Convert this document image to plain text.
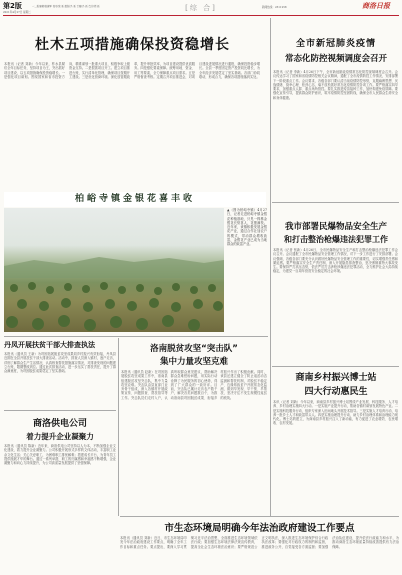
第2版
2021年4月27日 星期二
一二版编辑/张建军 校对/张 新 组版/冯 新 美编/冯 新 责任/郭 新	[综 合]	新闻热线：2311258	商洛日报
杜木五项措施确保投资稳增长
本报讯（记者 刘新）今年以来，柞水县紧盯全年目标任务，坚持项目为王，突出抓好项目建设，以五项措施确保投资稳增长。一是强化项目谋划。围绕国家和省市投资方向，精准谋划一批重大项目，积极争取上级资金支持。二是狠抓项目开工。建立项目推进台账，实行清单化管理，确保项目按期开工建设。三是优化营商环境。深化放管服改革，提升审批效率，为项目建设提供优质服务。四是强化要素保障。统筹用地、资金、用工等要素，全力保障重点项目需求。五是严格督查考核。定期召开项目推进会，对项目建设进展情况进行通报，确保投资稳步增长。全县一季度固定资产投资同比增长，为全年经济发展奠定了坚实基础。各部门协同联动，形成合力，确保各项措施落到实处。
柏峪寺镇金银花喜丰收
▲（图为柏峪寺镇）4月27日，记者走进柏峪寺镇金银花种植基地，只见一株株金银花长势喜人，花蕾满枝。近年来，该镇积极发展金银花产业，通过合作社加农户的模式，带动群众增收致富，金银花产业已成为当地群众的致富产业。
全市新冠肺炎疫情
常态化防控视频调度会召开
本报讯（记者 李新）4月26日下午，全市新冠肺炎疫情常态化防控视频调度会召开。会议传达学习了国家和省疫情防控相关会议精神，通报了全市疫情防控工作情况，安排部署下一阶段重点工作。会议要求，各级各部门要认清当前疫情防控形势，克服麻痹思想、厌战情绪、侥幸心理、松劲心态，毫不放松抓好常态化疫情防控各项工作。要严格落实四早要求，加强重点人群、重点场所管控。要扎实推进疫苗接种工作，加快构建免疫屏障。要强化宣传引导，提高群众防护意识，筑牢疫情防控坚固防线，确保全市人民群众生命安全和身体健康。
我市部署民爆物品安全生产
和打击整治枪爆违法犯罪工作
本报讯（记者 张新）4月26日，全市民爆物品安全生产和打击整治枪爆违法犯罪工作会议召开。会议通报了全市民爆物品安全管理工作情况，对下一步工作进行了安排部署。会议强调，各级各部门要充分认识做好民爆物品安全管理工作的重要性，切实增强责任感和紧迫感。要严格落实安全生产责任制，深入开展隐患排查整治，坚决遏制重特大事故发生。要保持严打高压态势，依法严厉打击涉枪涉爆违法犯罪活动，全力维护社会大局持续稳定，为建党一百周年营造安全稳定的社会环境。
商南乡村振兴博士站
四大行动惠民生
本讯（记者 刘新）今年以来，商南县乡村振兴博士站围绕产业发展、科技服务、人才培养、乡村治理实施四大行动。一是实施产业提升行动，帮助各镇村谋划发展特色产业。二是实施科技服务行动，组织专家深入田间地头开展技术指导。三是实施人才培育行动，培养一批乡土人才和致富带头人。四是实施治理提升行动，助力乡村治理体系和治理能力现代化。博士站的建立，为商南县乡村振兴注入了新动能，有力促进了农业增效、农民增收、农村发展。
丹凤开展扶贫干部大排查执法
本报讯（通讯员 王新）为巩固拓展脱贫攻坚成果同乡村振兴有效衔接，丹凤县近期在全县开展扶贫干部大排查活动。活动中，排查人员深入镇村，逐户走访，详细了解群众生产生活情况，认真核查帮扶措施落实情况，对排查发现的问题建立台账，限期整改到位。通过此次排查活动，进一步压实了帮扶责任，提升了群众满意度，为巩固脱贫成果奠定了坚实基础。
洛南脱贫攻坚“突击队”
集中力量攻坚克难
本报讯（通讯员 赵新）在巩固拓展脱贫攻坚成果工作中，洛南县组建脱贫攻坚突击队，集中力量攻坚克难。突击队由县直部门业务骨干组成，深入各镇村开展政策宣传、问题排查、帮扶指导等工作。突击队员们走村入户，认真听取群众意见建议，帮助解决群众急难愁盼问题，用实际行动诠释了为民服务的初心使命，得到了广大群众的一致好评。目前，突击队已累计走访农户数千户，解决各类问题数百个，为推动洛南县巩固脱贫成果、衔接乡村振兴作出了积极贡献。同时，该县还建立健全了防止返贫动态监测和帮扶机制，对脱贫不稳定户、边缘易致贫户开展常态化监测，做到早发现、早干预、早帮扶，坚决守住不发生规模性返贫的底线。
商洛供电公司
着力提升企业凝聚力
本报讯（通讯员 陈新）近年来，商洛供电公司坚持以人为本，不断加强企业文化建设，着力提升企业凝聚力。公司积极开展形式多样的文体活动，丰富职工业余文化生活；关心关爱职工，为困难职工排忧解难；搭建成长平台，为青年员工提供施展才华的舞台。通过一系列举措，职工的归属感和幸福感不断增强，企业凝聚力和向心力持续提升，为公司高质量发展提供了坚强保障。
市生态环境局明确今年法治政府建设工作要点
本报讯（通讯员 刘新）近日，市生态环境局印发今年法治政府建设工作要点，明确了全年工作目标和重点任务。要点提出，要深入学习贯彻习近平法治思想，全面推进生态环境领域依法行政；要加强生态环境法律法规宣传教育，提高全社会生态环境法治意识；要严格规范公正文明执法，深入推进生态环境保护综合行政执法改革；要强化对行政权力的制约和监督，推进政务公开，自觉接受各方面监督；要加强法治队伍建设，提升依法行政能力和水平，为推动商洛生态环境质量持续改善提供有力法治保障。
